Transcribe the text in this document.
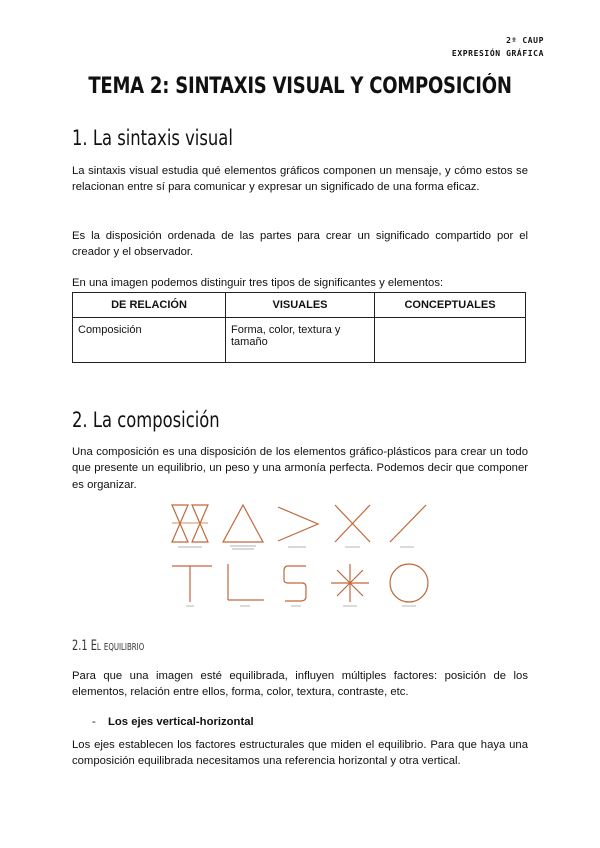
2º CAUP
EXPRESIÓN GRÁFICA
TEMA 2: SINTAXIS VISUAL Y COMPOSICIÓN
1. La sintaxis visual
La sintaxis visual estudia qué elementos gráficos componen un mensaje, y cómo estos se relacionan entre sí para comunicar y expresar un significado de una forma eficaz.
Es la disposición ordenada de las partes para crear un significado compartido por el creador y el observador.
En una imagen podemos distinguir tres tipos de significantes y elementos:
DE RELACIÓN	VISUALES	CONCEPTUALES
Composición	Forma, color, textura y tamaño	
2. La composición
Una composición es una disposición de los elementos gráfico-plásticos para crear un todo que presente un equilibrio, un peso y una armonía perfecta. Podemos decir que componer es organizar.
2.1 El equilibrio
Para que una imagen esté equilibrada, influyen múltiples factores: posición de los elementos, relación entre ellos, forma, color, textura, contraste, etc.
- Los ejes vertical-horizontal
Los ejes establecen los factores estructurales que miden el equilibrio. Para que haya una composición equilibrada necesitamos una referencia horizontal y otra vertical.
